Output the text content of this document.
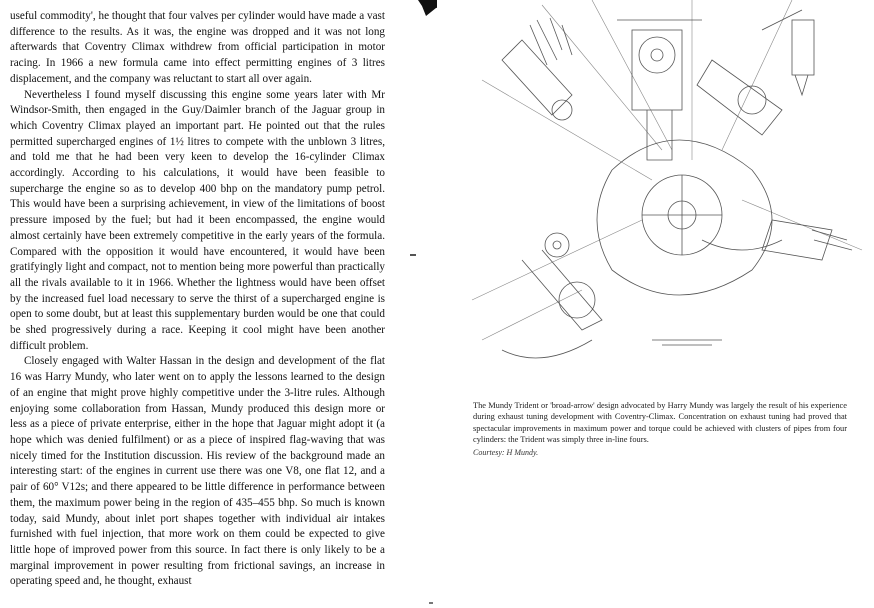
useful commodity', he thought that four valves per cylinder would have made a vast difference to the results. As it was, the engine was dropped and it was not long afterwards that Coventry Climax withdrew from official participation in motor racing. In 1966 a new formula came into effect permitting engines of 3 litres displacement, and the company was reluctant to start all over again.

Nevertheless I found myself discussing this engine some years later with Mr Windsor-Smith, then engaged in the Guy/Daimler branch of the Jaguar group in which Coventry Climax played an important part. He pointed out that the rules permitted supercharged engines of 1½ litres to compete with the unblown 3 litres, and told me that he had been very keen to develop the 16-cylinder Climax accordingly. According to his calculations, it would have been feasible to supercharge the engine so as to develop 400 bhp on the mandatory pump petrol. This would have been a surprising achievement, in view of the limitations of boost pressure imposed by the fuel; but had it been encompassed, the engine would almost certainly have been extremely competitive in the early years of the formula. Compared with the opposition it would have encountered, it would have been gratifyingly light and compact, not to mention being more powerful than practically all the rivals available to it in 1966. Whether the lightness would have been offset by the increased fuel load necessary to serve the thirst of a supercharged engine is open to some doubt, but at least this supplementary burden would be one that could be shed progressively during a race. Keeping it cool might have been another difficult problem.

Closely engaged with Walter Hassan in the design and development of the flat 16 was Harry Mundy, who later went on to apply the lessons learned to the design of an engine that might prove highly competitive under the 3-litre rules. Although enjoying some collaboration from Hassan, Mundy produced this design more or less as a piece of private enterprise, either in the hope that Jaguar might adopt it (a hope which was denied fulfilment) or as a piece of inspired flag-waving that was nicely timed for the Institution discussion. His review of the background made an interesting start: of the engines in current use there was one V8, one flat 12, and a pair of 60° V12s; and there appeared to be little difference in performance between them, the maximum power being in the region of 435–455 bhp. So much is known today, said Mundy, about inlet port shapes together with individual air intakes furnished with fuel injection, that more work on them could be expected to give little hope of improved power from this source. In fact there is only likely to be a marginal improvement in power resulting from frictional savings, an increase in operating speed and, he thought, exhaust

The Mundy Trident or 'broad-arrow' design advocated by Harry Mundy was largely the result of his experience during exhaust tuning development with Coventry-Climax. Concentration on exhaust tuning had proved that spectacular improvements in maximum power and torque could be achieved with clusters of pipes from four cylinders: the Trident was simply three in-line fours.
Courtesy: H Mundy.
